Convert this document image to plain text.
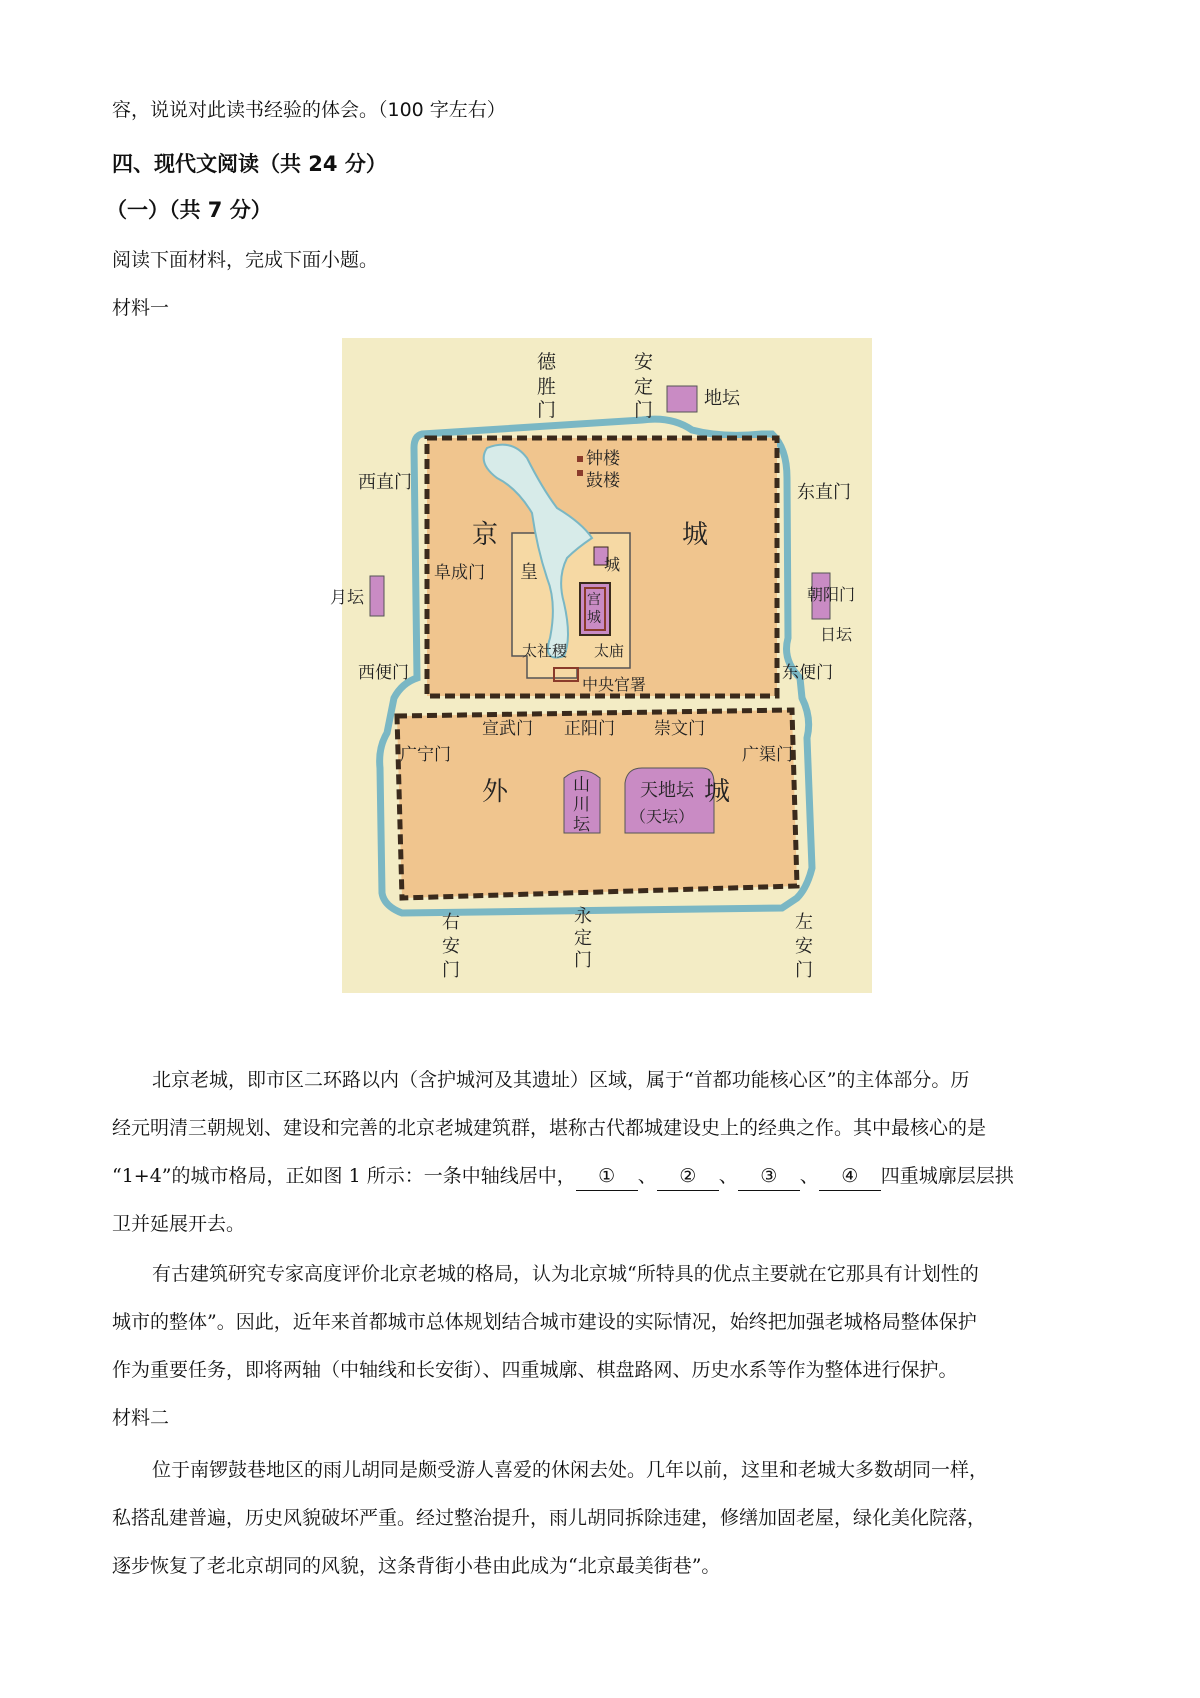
容，说说对此读书经验的体会。（100 字左右）
四、现代文阅读（共 24 分）
（一）（共 7 分）
阅读下面材料，完成下面小题。
材料一
德
胜
门
安
定
门
地坛
西直门	东直门
钟楼
鼓楼
京	城
阜成门 皇
宫
城
城
朝阳门
月坛
太社稷 太庙
日坛
西便门	东便门
中央官署
宣武门 正阳门 崇文门
广宁门	广渠门
外	城
山
川
坛
天地坛
（天坛）
右
安
门
永
定
门
左
安
门
北京老城，即市区二环路以内（含护城河及其遗址）区域，属于“首都功能核心区”的主体部分。历
经元明清三朝规划、建设和完善的北京老城建筑群，堪称古代都城建设史上的经典之作。其中最核心的是
“1+4”的城市格局，正如图 1 所示：一条中轴线居中， ① 、 ② 、 ③ 、 ④ 四重城廓层层拱
卫并延展开去。
有古建筑研究专家高度评价北京老城的格局，认为北京城“所特具的优点主要就在它那具有计划性的
城市的整体”。因此，近年来首都城市总体规划结合城市建设的实际情况，始终把加强老城格局整体保护
作为重要任务，即将两轴（中轴线和长安街）、四重城廓、棋盘路网、历史水系等作为整体进行保护。
材料二
位于南锣鼓巷地区的雨儿胡同是颇受游人喜爱的休闲去处。几年以前，这里和老城大多数胡同一样，
私搭乱建普遍，历史风貌破坏严重。经过整治提升，雨儿胡同拆除违建，修缮加固老屋，绿化美化院落，
逐步恢复了老北京胡同的风貌，这条背街小巷由此成为“北京最美街巷”。
